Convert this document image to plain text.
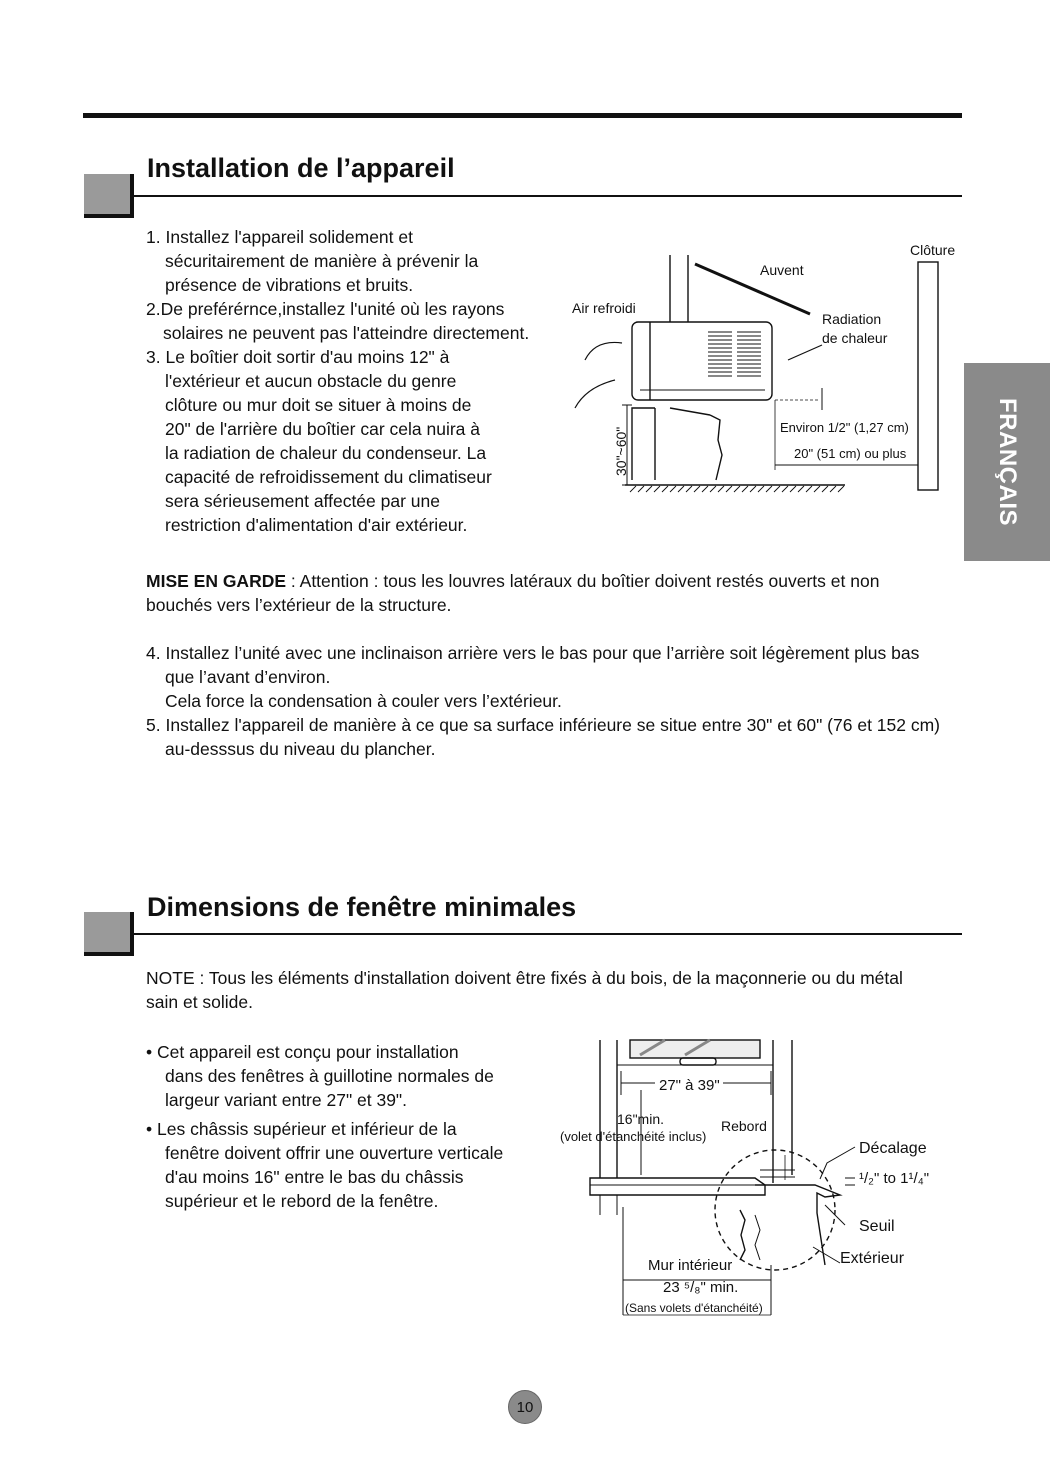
FRANÇAIS
Installation de l’appareil

1. Installez l'appareil solidement et

sécuritairement de manière à prévenir la

présence de vibrations et bruits.

2.De preférérnce,installez l'unité où les rayons

solaires ne peuvent pas l'atteindre directement.

3. Le boîtier doit sortir d'au moins 12" à

l'extérieur et aucun obstacle du genre

clôture ou mur doit se situer à moins de

20" de l'arrière du boîtier car cela nuira à

la radiation de chaleur du condenseur. La

capacité de refroidissement du climatiseur

sera sérieusement affectée par une

restriction d'alimentation d'air extérieur.

Clôture
Auvent
Air refroidi
Radiation
de chaleur
Environ 1/2" (1,27 cm)
20" (51 cm) ou plus
30"~60"

MISE EN GARDE : Attention : tous les louvres latéraux du boîtier doivent restés ouverts et non

bouchés vers l’extérieur de la structure.

4. Installez l’unité avec une inclinaison arrière vers le bas pour que l’arrière soit légèrement plus bas

que l’avant d’environ.

Cela force la condensation à couler vers l’extérieur.

5. Installez l'appareil de manière à ce que sa surface inférieure se situe entre 30" et 60" (76 et 152 cm)

au-desssus du niveau du plancher.

Dimensions de fenêtre minimales

NOTE : Tous les éléments d'installation doivent être fixés à du bois, de la maçonnerie ou du métal

sain et solide.

• Cet appareil est conçu pour installation

dans des fenêtres à guillotine normales de

largeur variant entre 27" et 39".

• Les châssis supérieur et inférieur de la

fenêtre doivent offrir une ouverture verticale

d'au moins 16" entre le bas du châssis

supérieur et le rebord de la fenêtre.

27" à 39"
16"min.
(volet d'étanchéité inclus)
Rebord
Décalage
¹/₂" to 1¹/₄"
Seuil
Extérieur
Mur intérieur
23 ⁵/₈" min.
(Sans volets d'étanchéité)
10
